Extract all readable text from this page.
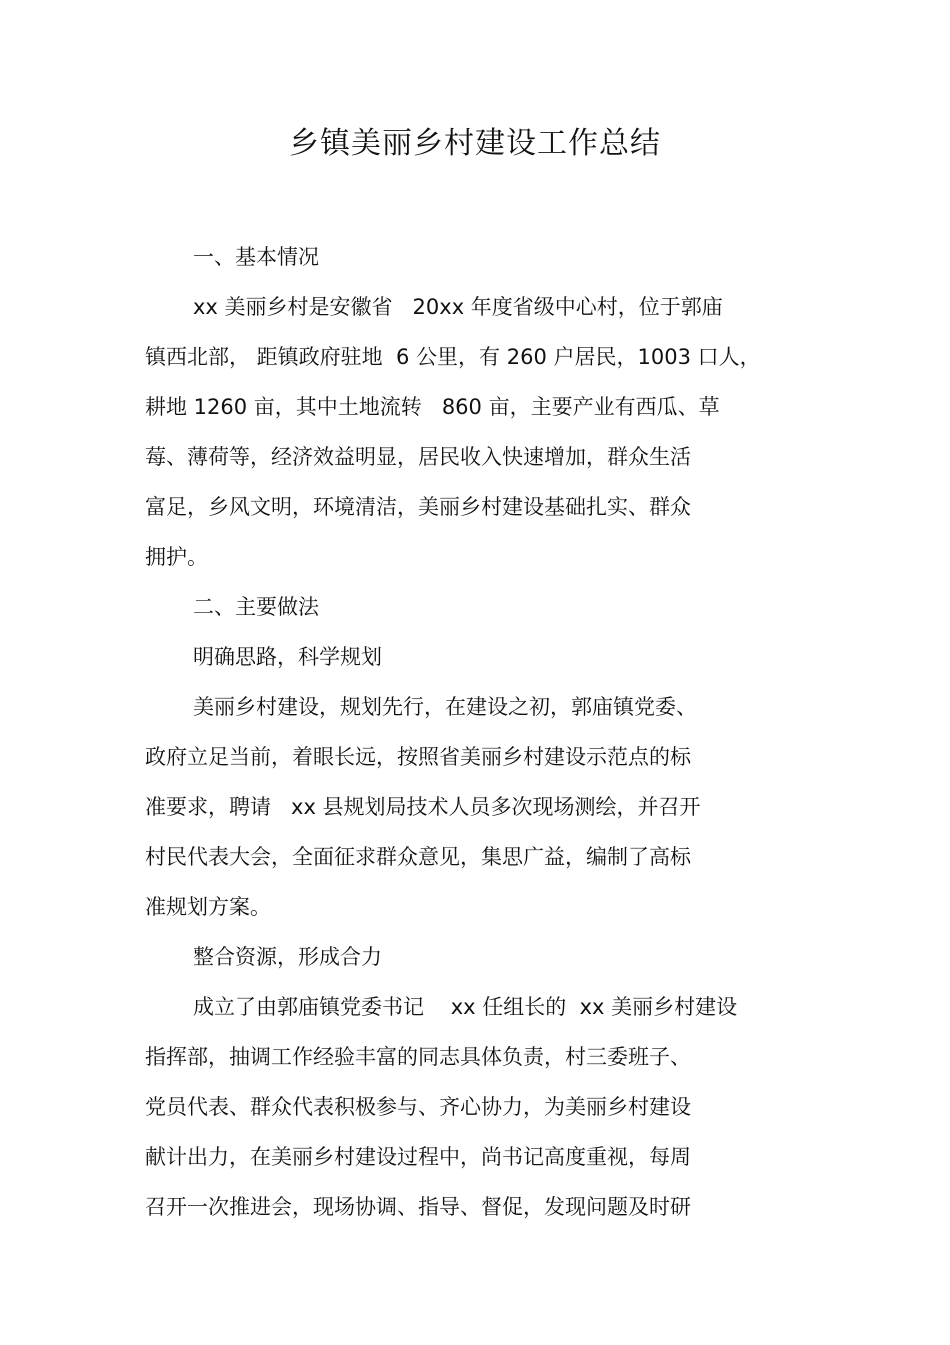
乡镇美丽乡村建设工作总结
一、基本情况
xx 美丽乡村是安徽省   20xx 年度省级中心村，位于郭庙
镇西北部， 距镇政府驻地  6 公里，有 260 户居民，1003 口人，
耕地 1260 亩，其中土地流转   860 亩，主要产业有西瓜、草
莓、薄荷等，经济效益明显，居民收入快速增加，群众生活
富足，乡风文明，环境清洁，美丽乡村建设基础扎实、群众
拥护。
二、主要做法
明确思路，科学规划
美丽乡村建设，规划先行，在建设之初，郭庙镇党委、
政府立足当前，着眼长远，按照省美丽乡村建设示范点的标
准要求，聘请   xx 县规划局技术人员多次现场测绘，并召开
村民代表大会，全面征求群众意见，集思广益，编制了高标
准规划方案。
整合资源，形成合力
成立了由郭庙镇党委书记    xx 任组长的  xx 美丽乡村建设
指挥部，抽调工作经验丰富的同志具体负责，村三委班子、
党员代表、群众代表积极参与、齐心协力，为美丽乡村建设
献计出力，在美丽乡村建设过程中，尚书记高度重视，每周
召开一次推进会，现场协调、指导、督促，发现问题及时研
